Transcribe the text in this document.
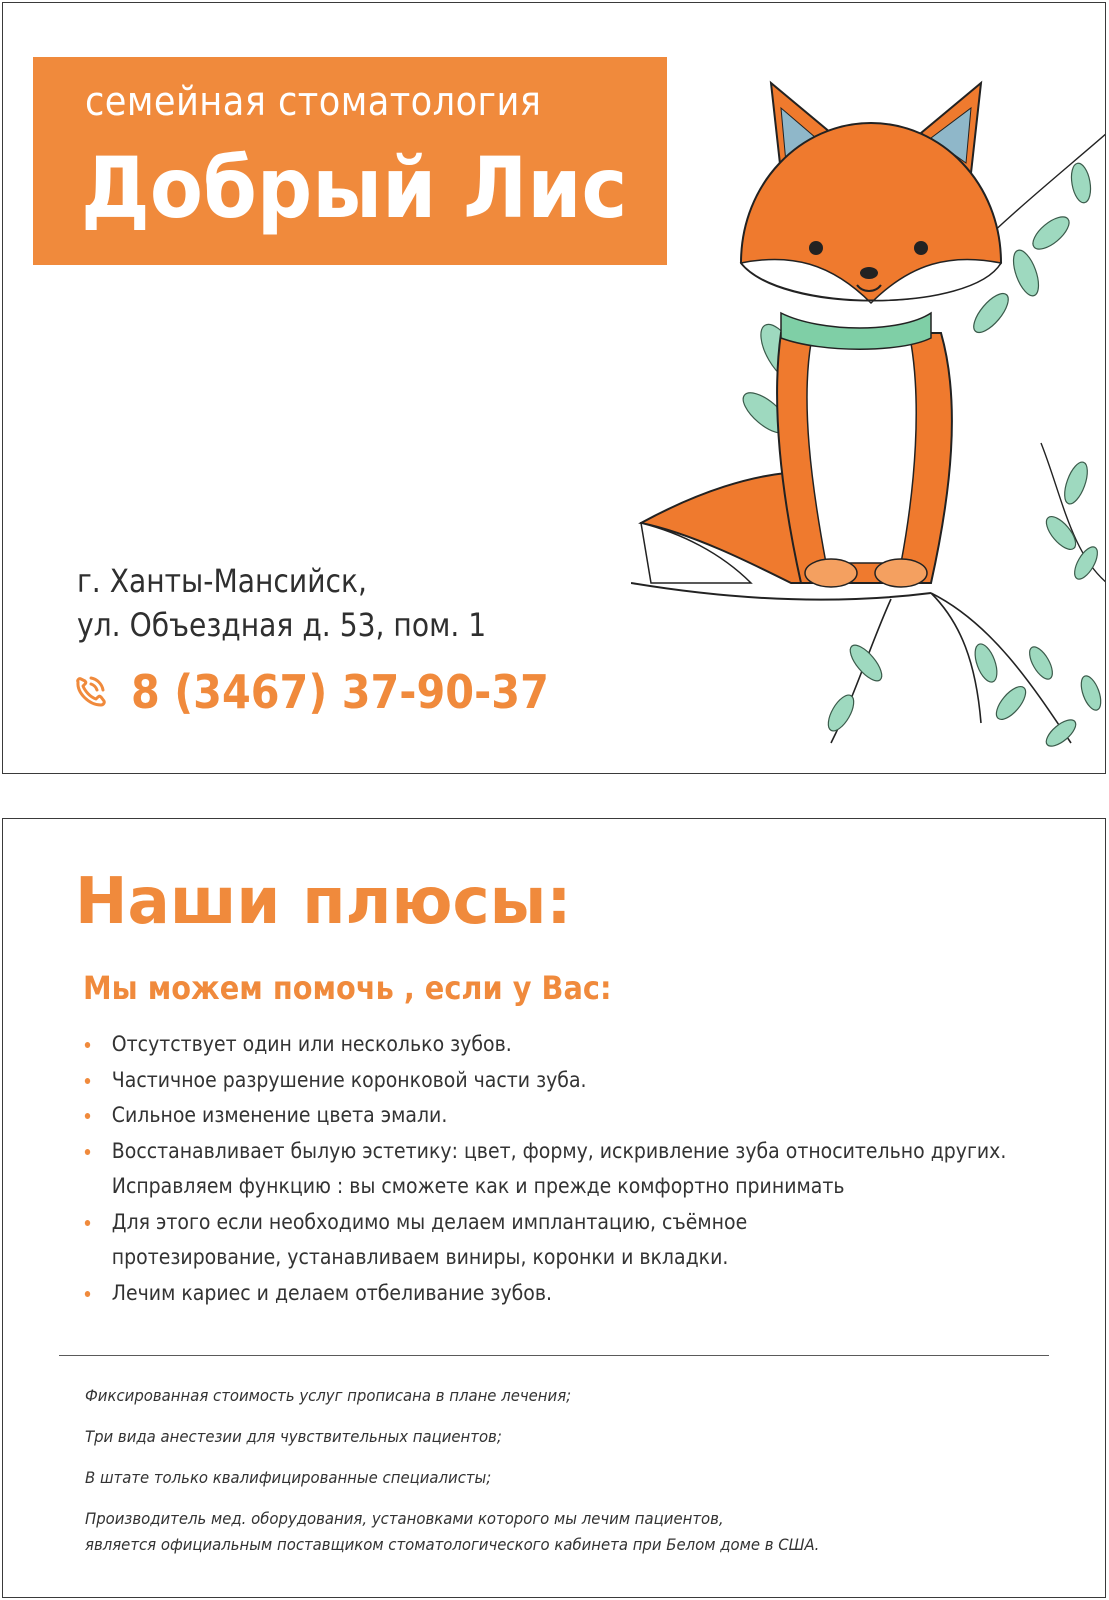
семейная стоматология
Добрый Лис
г. Ханты-Мансийск,
ул. Объездная д. 53, пом. 1
8 (3467) 37-90-37
Наши плюсы:
Мы можем помочь , если у Вас:
Отсутствует один или несколько зубов.
Частичное разрушение коронковой части зуба.
Сильное изменение цвета эмали.
Восстанавливает былую эстетику: цвет, форму, искривление зуба относительно других.
Исправляем функцию : вы сможете как и прежде комфортно принимать
Для этого если необходимо мы делаем имплантацию, съёмное
протезирование, устанавливаем виниры, коронки и вкладки.
Лечим кариес и делаем отбеливание зубов.
Фиксированная стоимость услуг прописана в плане лечения;
Три вида анестезии для чувствительных пациентов;
В штате только квалифицированные специалисты;
Производитель мед. оборудования, установками которого мы лечим пациентов,
является официальным поставщиком стоматологического кабинета при Белом доме в США.
